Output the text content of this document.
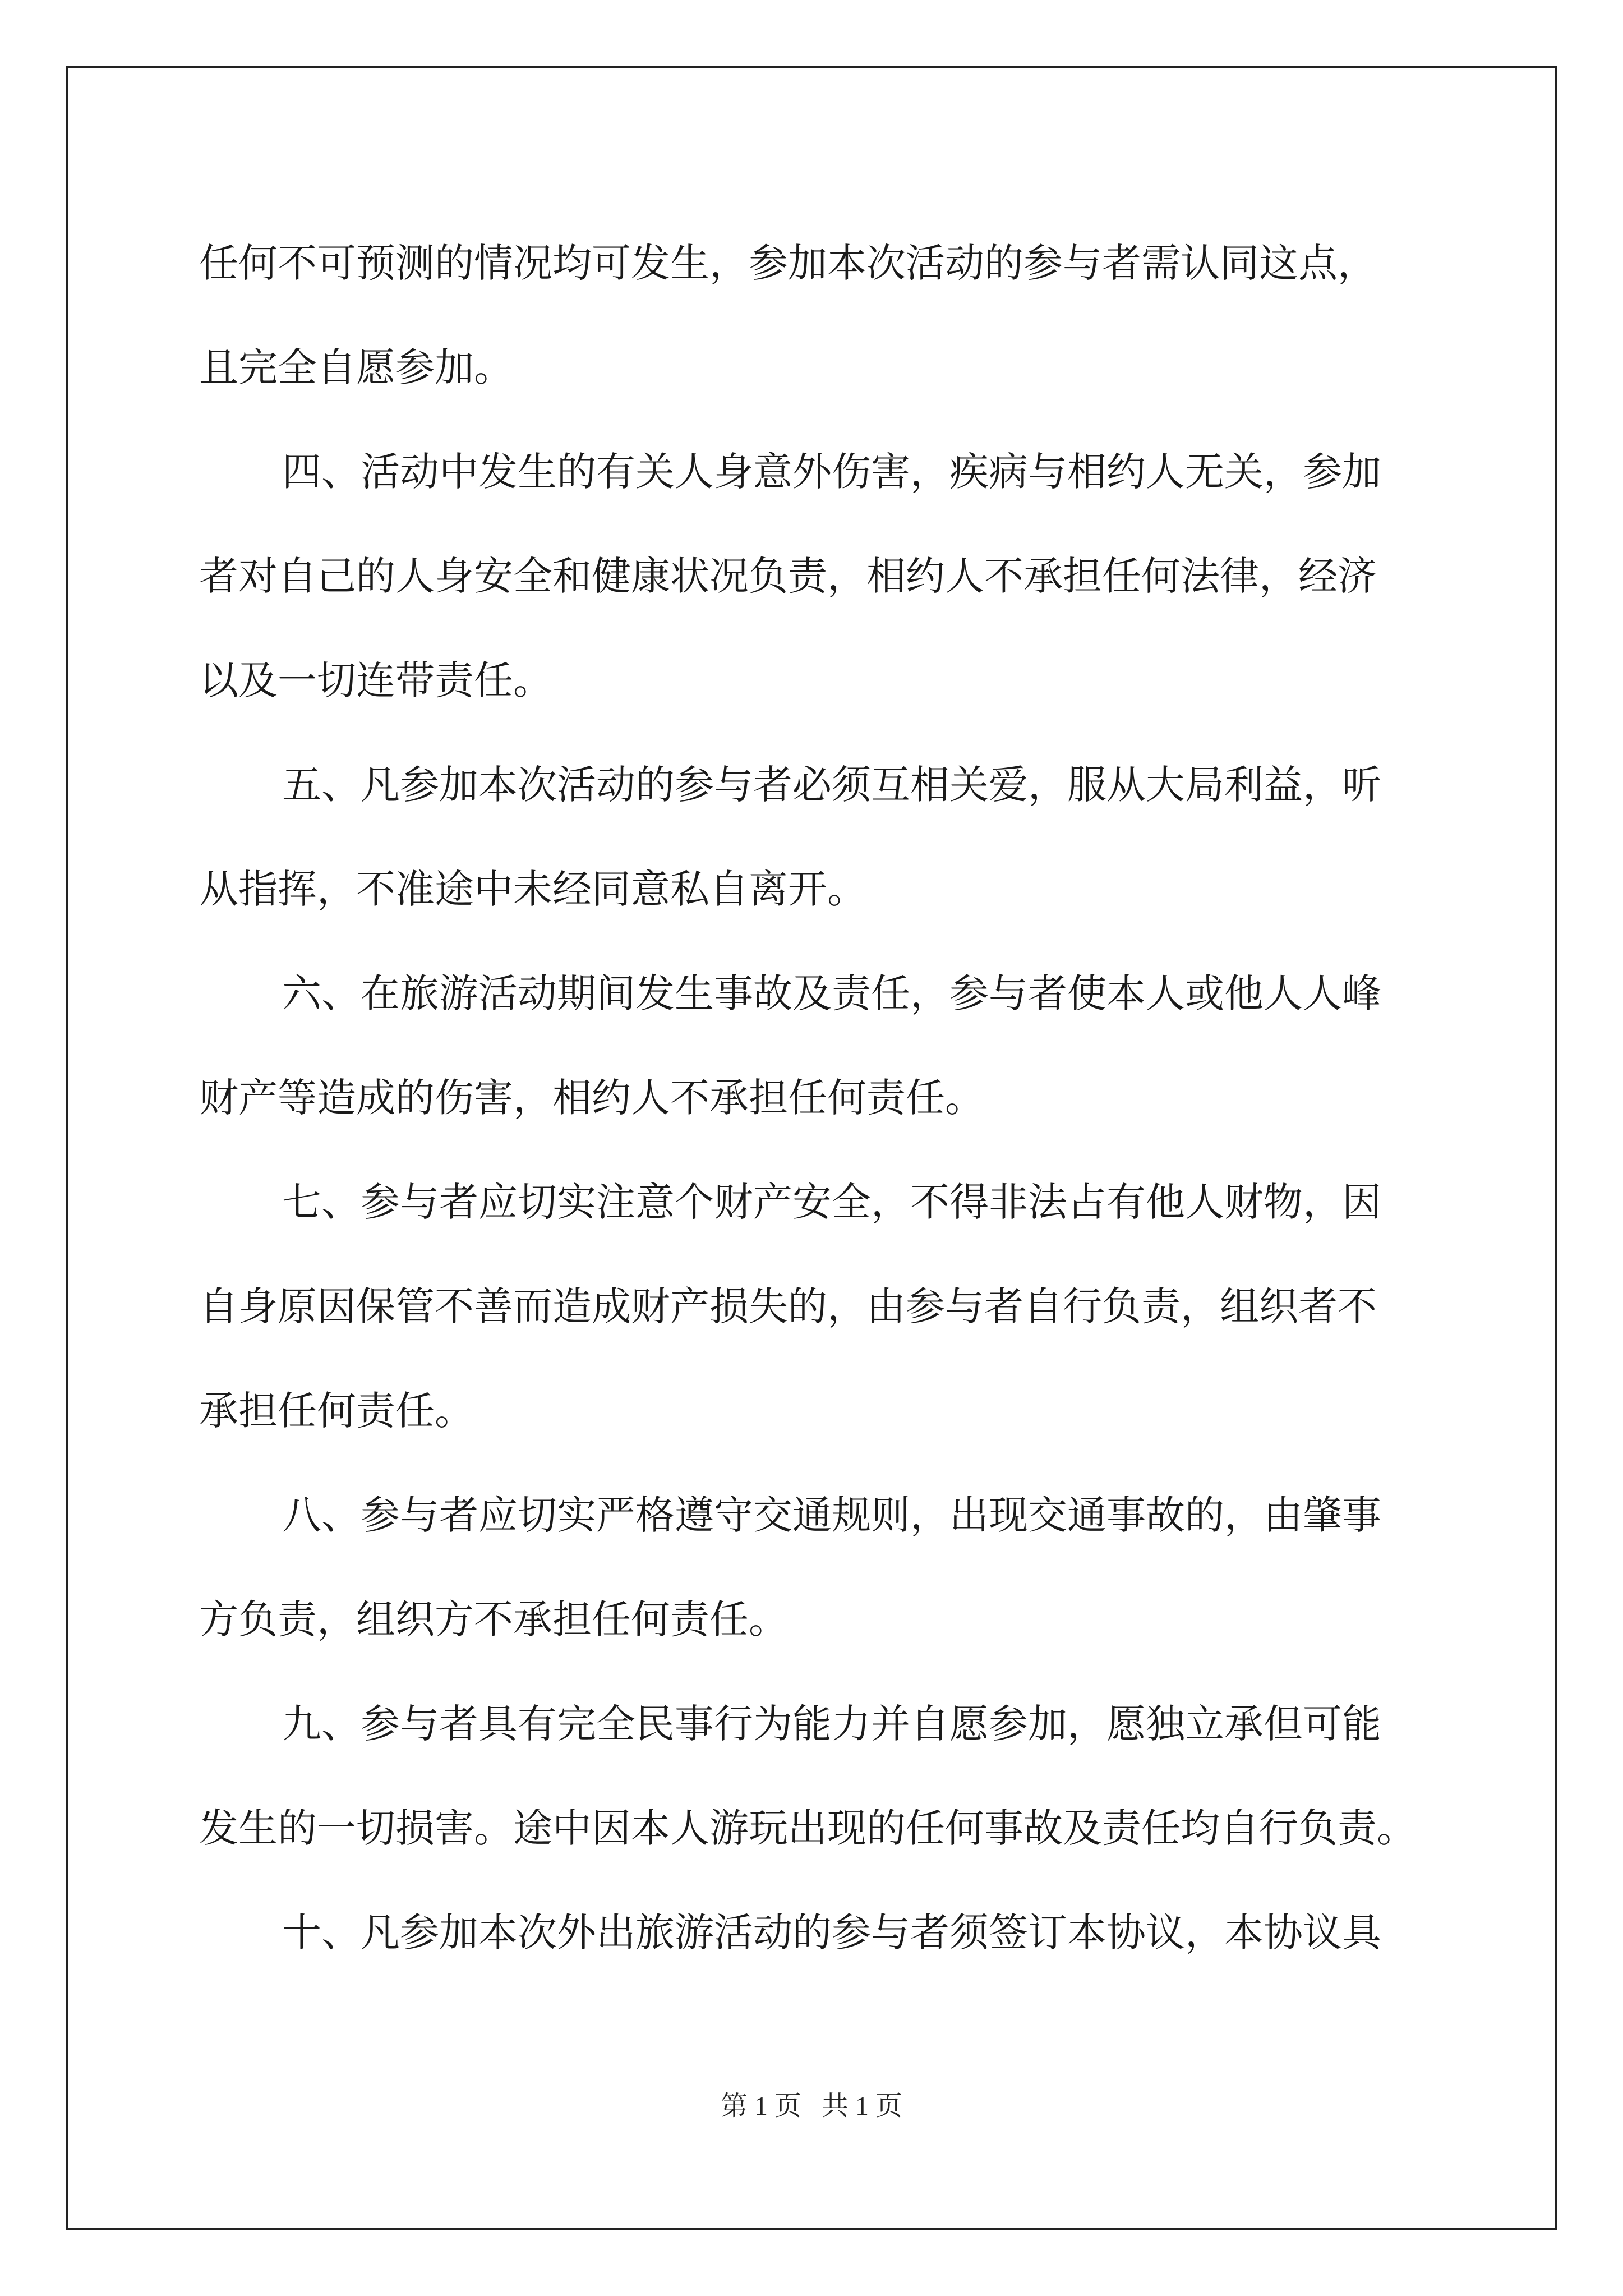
任何不可预测的情况均可发生，参加本次活动的参与者需认同这点，
且完全自愿参加。
四、活动中发生的有关人身意外伤害，疾病与相约人无关，参加
者对自己的人身安全和健康状况负责，相约人不承担任何法律，经济
以及一切连带责任。
五、凡参加本次活动的参与者必须互相关爱，服从大局利益，听
从指挥，不准途中未经同意私自离开。
六、在旅游活动期间发生事故及责任，参与者使本人或他人人峰
财产等造成的伤害，相约人不承担任何责任。
七、参与者应切实注意个财产安全，不得非法占有他人财物，因
自身原因保管不善而造成财产损失的，由参与者自行负责，组织者不
承担任何责任。
八、参与者应切实严格遵守交通规则，出现交通事故的，由肇事
方负责，组织方不承担任何责任。
九、参与者具有完全民事行为能力并自愿参加，愿独立承但可能
发生的一切损害。途中因本人游玩出现的任何事故及责任均自行负责。
十、凡参加本次外出旅游活动的参与者须签订本协议，本协议具
第 1 页 共 1 页
